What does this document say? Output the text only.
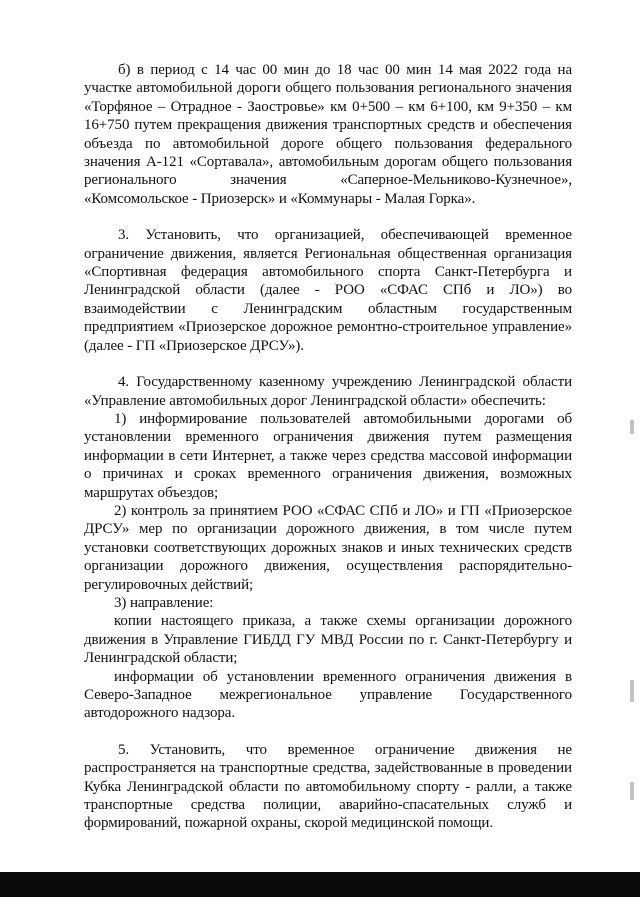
б) в период с 14 час 00 мин до 18 час 00 мин 14 мая 2022 года на участке автомобильной дороги общего пользования регионального значения «Торфяное – Отрадное - Заостровье» км 0+500 – км 6+100, км 9+350 – км 16+750 путем прекращения движения транспортных средств и обеспечения объезда по автомобильной дороге общего пользования федерального значения А-121 «Сортавала», автомобильным дорогам общего пользования регионального значения «Саперное-Мельниково-Кузнечное», «Комсомольское - Приозерск» и «Коммунары - Малая Горка».

3. Установить, что организацией, обеспечивающей временное ограничение движения, является Региональная общественная организация «Спортивная федерация автомобильного спорта Санкт-Петербурга и Ленинградской области (далее - РОО «СФАС СПб и ЛО») во взаимодействии с Ленинградским областным государственным предприятием «Приозерское дорожное ремонтно-строительное управление» (далее - ГП «Приозерское ДРСУ»).

4. Государственному казенному учреждению Ленинградской области «Управление автомобильных дорог Ленинградской области» обеспечить:

1) информирование пользователей автомобильными дорогами об установлении временного ограничения движения путем размещения информации в сети Интернет, а также через средства массовой информации о причинах и сроках временного ограничения движения, возможных маршрутах объездов;

2) контроль за принятием РОО «СФАС СПб и ЛО» и ГП «Приозерское ДРСУ» мер по организации дорожного движения, в том числе путем установки соответствующих дорожных знаков и иных технических средств организации дорожного движения, осуществления распорядительно-регулировочных действий;

3) направление:

копии настоящего приказа, а также схемы организации дорожного движения в Управление ГИБДД ГУ МВД России по г. Санкт-Петербургу и Ленинградской области;

информации об установлении временного ограничения движения в Северо-Западное межрегиональное управление Государственного автодорожного надзора.

5. Установить, что временное ограничение движения не распространяется на транспортные средства, задействованные в проведении Кубка Ленинградской области по автомобильному спорту - ралли, а также транспортные средства полиции, аварийно-спасательных служб и формирований, пожарной охраны, скорой медицинской помощи.
